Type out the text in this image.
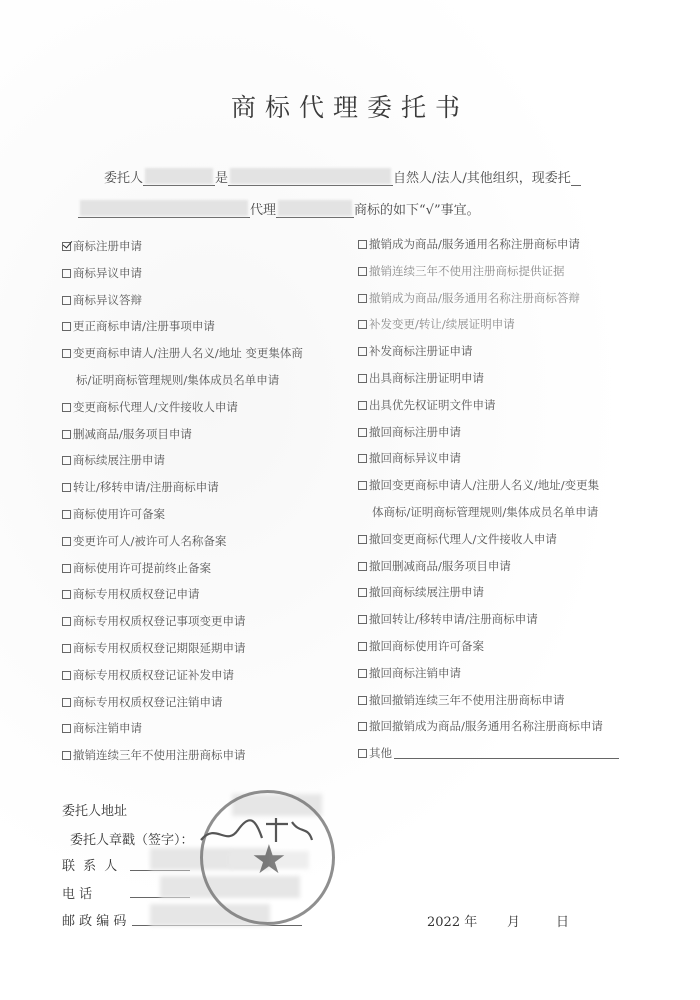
商标代理委托书
委托人	是	自然人/法人/其他组织，现委托
代理	商标的如下“√”事宜。
商标注册申请
商标异议申请
商标异议答辩
更正商标申请/注册事项申请
变更商标申请人/注册人名义/地址 变更集体商
标/证明商标管理规则/集体成员名单申请
变更商标代理人/文件接收人申请
删减商品/服务项目申请
商标续展注册申请
转让/移转申请/注册商标申请
商标使用许可备案
变更许可人/被许可人名称备案
商标使用许可提前终止备案
商标专用权质权登记申请
商标专用权质权登记事项变更申请
商标专用权质权登记期限延期申请
商标专用权质权登记证补发申请
商标专用权质权登记注销申请
商标注销申请
撤销连续三年不使用注册商标申请
撤销成为商品/服务通用名称注册商标申请
撤销连续三年不使用注册商标提供证据
撤销成为商品/服务通用名称注册商标答辩
补发变更/转让/续展证明申请
补发商标注册证申请
出具商标注册证明申请
出具优先权证明文件申请
撤回商标注册申请
撤回商标异议申请
撤回变更商标申请人/注册人名义/地址/变更集
体商标/证明商标管理规则/集体成员名单申请
撤回变更商标代理人/文件接收人申请
撤回删减商品/服务项目申请
撤回商标续展注册申请
撤回转让/移转申请/注册商标申请
撤回商标使用许可备案
撤回商标注销申请
撤回撤销连续三年不使用注册商标申请
撤回撤销成为商品/服务通用名称注册商标申请
其他
委托人地址
委托人章戳（签字）：
联 系 人
电 话
邮 政 编 码
★
2022 年 月	日
